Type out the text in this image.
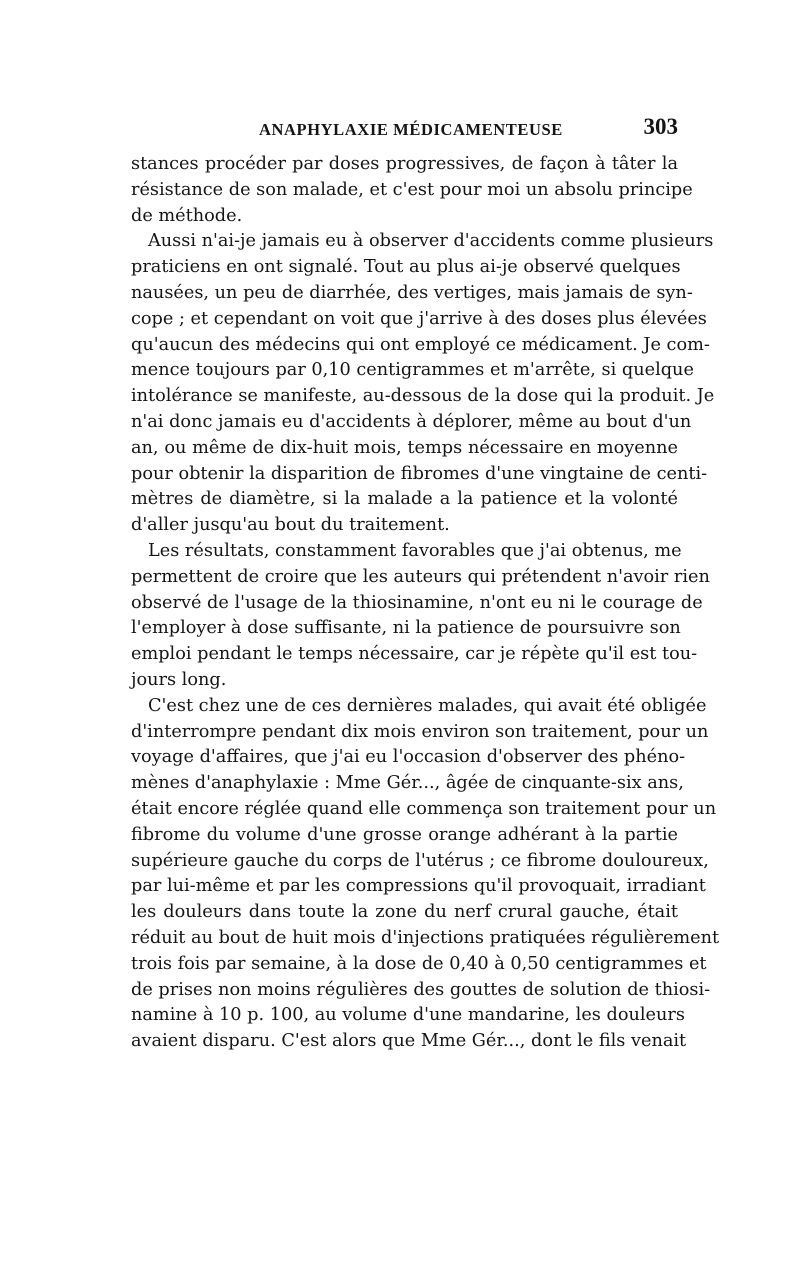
ANAPHYLAXIE MÉDICAMENTEUSE	303
stances procéder par doses progressives, de façon à tâter la
résistance de son malade, et c'est pour moi un absolu principe
de méthode.
Aussi n'ai-je jamais eu à observer d'accidents comme plusieurs
praticiens en ont signalé. Tout au plus ai-je observé quelques
nausées, un peu de diarrhée, des vertiges, mais jamais de syn-
cope ; et cependant on voit que j'arrive à des doses plus élevées
qu'aucun des médecins qui ont employé ce médicament. Je com-
mence toujours par 0,10 centigrammes et m'arrête, si quelque
intolérance se manifeste, au-dessous de la dose qui la produit. Je
n'ai donc jamais eu d'accidents à déplorer, même au bout d'un
an, ou même de dix-huit mois, temps nécessaire en moyenne
pour obtenir la disparition de fibromes d'une vingtaine de centi-
mètres de diamètre, si la malade a la patience et la volonté
d'aller jusqu'au bout du traitement.
Les résultats, constamment favorables que j'ai obtenus, me
permettent de croire que les auteurs qui prétendent n'avoir rien
observé de l'usage de la thiosinamine, n'ont eu ni le courage de
l'employer à dose suffisante, ni la patience de poursuivre son
emploi pendant le temps nécessaire, car je répète qu'il est tou-
jours long.
C'est chez une de ces dernières malades, qui avait été obligée
d'interrompre pendant dix mois environ son traitement, pour un
voyage d'affaires, que j'ai eu l'occasion d'observer des phéno-
mènes d'anaphylaxie : Mme Gér..., âgée de cinquante-six ans,
était encore réglée quand elle commença son traitement pour un
fibrome du volume d'une grosse orange adhérant à la partie
supérieure gauche du corps de l'utérus ; ce fibrome douloureux,
par lui-même et par les compressions qu'il provoquait, irradiant
les douleurs dans toute la zone du nerf crural gauche, était
réduit au bout de huit mois d'injections pratiquées régulièrement
trois fois par semaine, à la dose de 0,40 à 0,50 centigrammes et
de prises non moins régulières des gouttes de solution de thiosi-
namine à 10 p. 100, au volume d'une mandarine, les douleurs
avaient disparu. C'est alors que Mme Gér..., dont le fils venait
